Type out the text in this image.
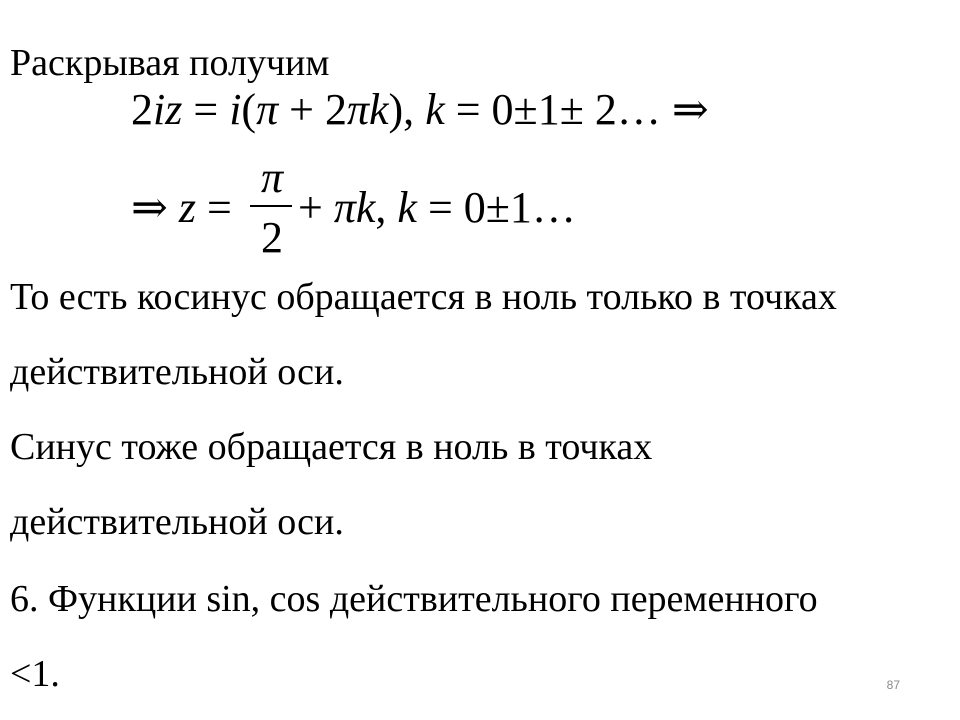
Раскрывая получим
2iz = i(π + 2πk), k = 0±1± 2… ⇒
⇒ z =
π
2
+ πk, k = 0±1…
То есть косинус обращается в ноль только в точках
действительной оси.
Синус тоже обращается в ноль в точках
действительной оси.
6. Функции sin, cos действительного переменного
<1.	87
